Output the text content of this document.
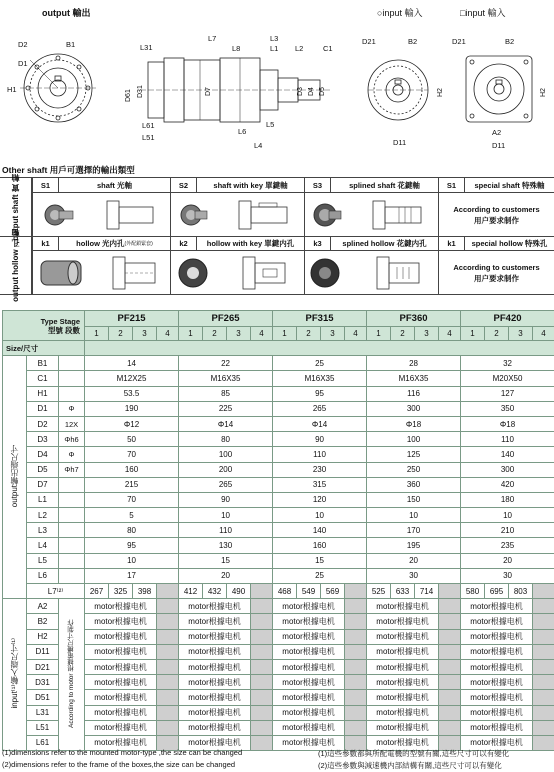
output 輸出	○input 輸入	□input 輸入
D2	B1
D1
H1
L31
L7	L3
L8	L1 L2	C1
D61 D31	D7	D3 D4 D5
L61
L51
L6
L5
L4
D21	B2
H2
D11
D21	B2
H2
A2
D11
Other shaft 用戶可選擇的輸出類型
output shaft 實 軸
output hollow 孔 軸
S1	shaft 光軸	S2	shaft with key 單鍵軸	S3	splined shaft 花鍵軸	S1	special shaft 特殊軸
According to customers
用户要求制作
k1	hollow 光内孔 (外配鎖緊套)	k2	hollow with key 單鍵内孔	k3	splined hollow 花鍵内孔	k1	special hollow 特殊孔
According to customers
用户要求制作
Type Stage
型號 段數			PF215				PF265				PF315				PF360				PF420			
			1	2	3	4	1	2	3	4	1	2	3	4	1	2	3	4	1	2	3	4
Size/尺寸																						
output輸出端尺寸	B1		14				22				25				28				32			
	C1		M12X25				M16X35				M16X35				M16X35				M20X50			
	H1		53.5				85				95				116				127			
	D1	Φ	190				225				265				300				350			
	D2	12X	Φ12				Φ14				Φ14				Φ18				Φ18			
	D3	Φh6	50				80				90				100				110			
	D4	Φ	70				100				110				125				140			
	D5	Φh7	160				200				230				250				300			
	D7		215				265				315				360				420			
	L1		70				90				120				150				180			
	L2		5				10				10				10				10			
	L3		80				110				140				170				210			
	L4		95				130				160				195				235			
	L5		10				15				15				20				20			
	L6		17				20				25				30				30			
	L7⁽²⁾		267	325	398		412	432	490		468	549	569		525	633	714		580	695	803	
input⁽¹⁾輸入端尺寸⁽¹⁾	A2	According to motor 根據電機尺寸制作	motor根據电机				motor根據电机				motor根據电机				motor根據电机				motor根據电机			
	B2		motor根據电机				motor根據电机				motor根據电机				motor根據电机				motor根據电机			
	H2		motor根據电机				motor根據电机				motor根據电机				motor根據电机				motor根據电机			
	D11		motor根據电机				motor根據电机				motor根據电机				motor根據电机				motor根據电机			
	D21		motor根據电机				motor根據电机				motor根據电机				motor根據电机				motor根據电机			
	D31		motor根據电机				motor根據电机				motor根據电机				motor根據电机				motor根據电机			
	D51		motor根據电机				motor根據电机				motor根據电机				motor根據电机				motor根據电机			
	L31		motor根據电机				motor根據电机				motor根據电机				motor根據电机				motor根據电机			
	L51		motor根據电机				motor根據电机				motor根據电机				motor根據电机				motor根據电机			
	L61		motor根據电机				motor根據电机				motor根據电机				motor根據电机				motor根據电机			
(1)dimensions refer to the mounted motor-type ,the size can be changed
(2)dimensions refer to the frame of the boxes,the size can be changed
(1)這些參數都與所配電機的型號有關,這些尺寸可以有變化
(2)這些參數與減速機内部結構有關,這些尺寸可以有變化
